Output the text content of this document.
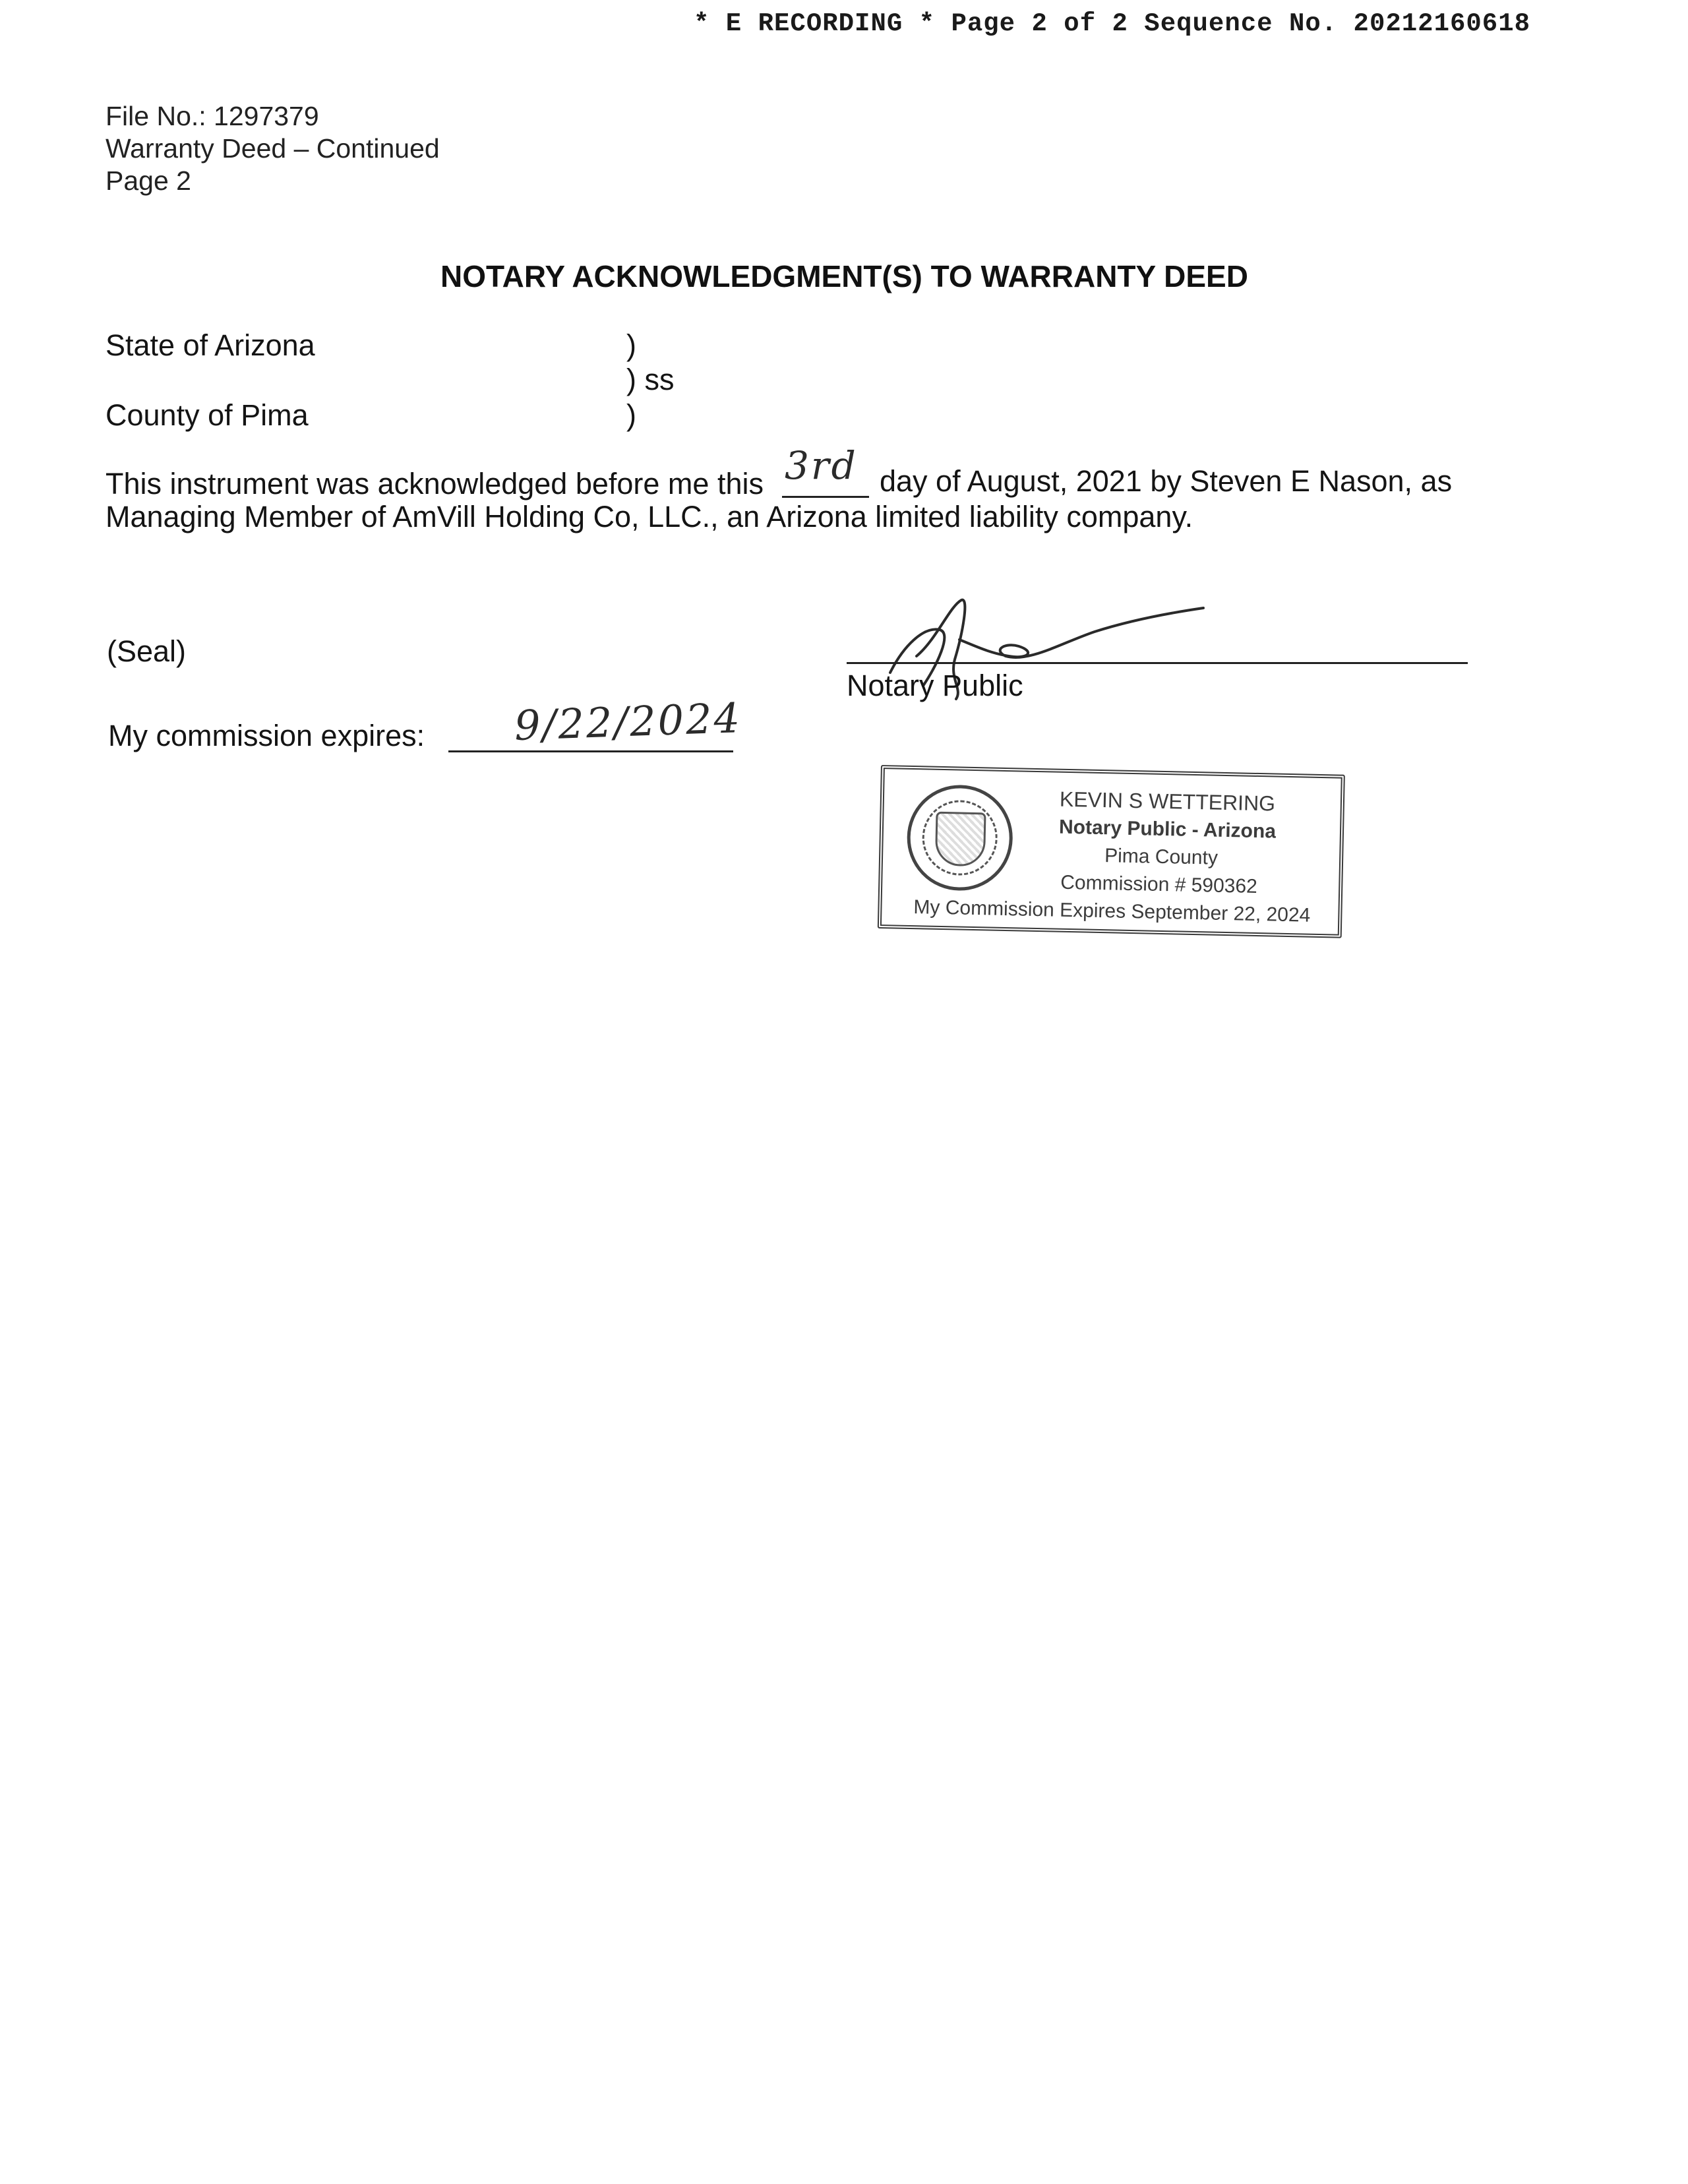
* E RECORDING * Page 2 of 2 Sequence No. 20212160618
File No.: 1297379
Warranty Deed – Continued
Page 2
NOTARY ACKNOWLEDGMENT(S) TO WARRANTY DEED
State of Arizona
County of Pima
)
) ss
)
This instrument was acknowledged before me this 3rd day of August, 2021 by Steven E Nason, as
Managing Member of AmVill Holding Co, LLC., an Arizona limited liability company.
(Seal)
Notary Public
My commission expires: 9/22/2024
KEVIN S WETTERING
Notary Public - Arizona
Pima County
Commission # 590362
My Commission Expires September 22, 2024
